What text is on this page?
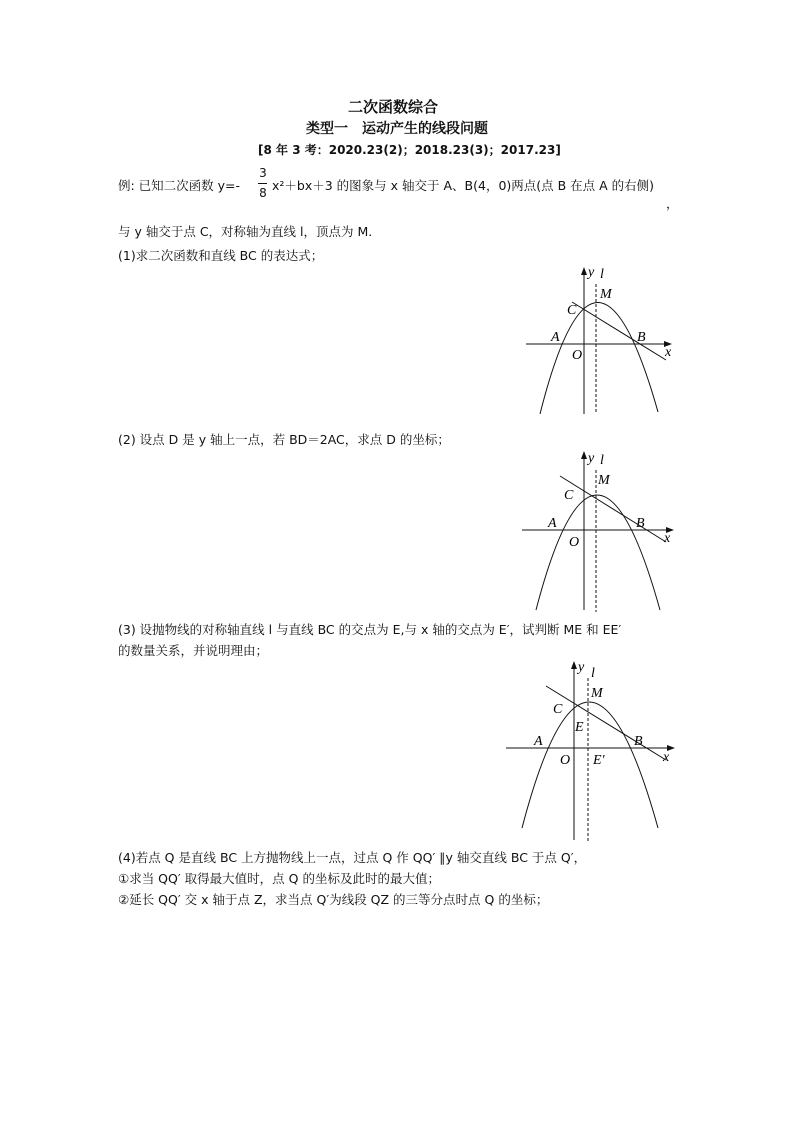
二次函数综合
类型一　运动产生的线段问题
[8 年 3 考：2020.23(2)；2018.23(3)；2017.23]
例: 已知二次函数 y=-
3
8 x²＋bx＋3 的图象与 x 轴交于 A、B(4，0)两点(点 B 在点 A 的右侧)
，
与 y 轴交于点 C，对称轴为直线 l，顶点为 M.
(1)求二次函数和直线 BC 的表达式；
y l
x
M
C
A	B
O
(2) 设点 D 是 y 轴上一点，若 BD＝2AC，求点 D 的坐标；
y l
x
M
C
A	B
O
(3) 设抛物线的对称轴直线 l 与直线 BC 的交点为 E,与 x 轴的交点为 E′，试判断 ME 和 EE′
的数量关系，并说明理由；
y l
x
M
C
E
A	B
O E′
(4)若点 Q 是直线 BC 上方抛物线上一点，过点 Q 作 QQ′ ∥y 轴交直线 BC 于点 Q′，
①求当 QQ′ 取得最大值时，点 Q 的坐标及此时的最大值；
②延长 QQ′ 交 x 轴于点 Z，求当点 Q′为线段 QZ 的三等分点时点 Q 的坐标；
